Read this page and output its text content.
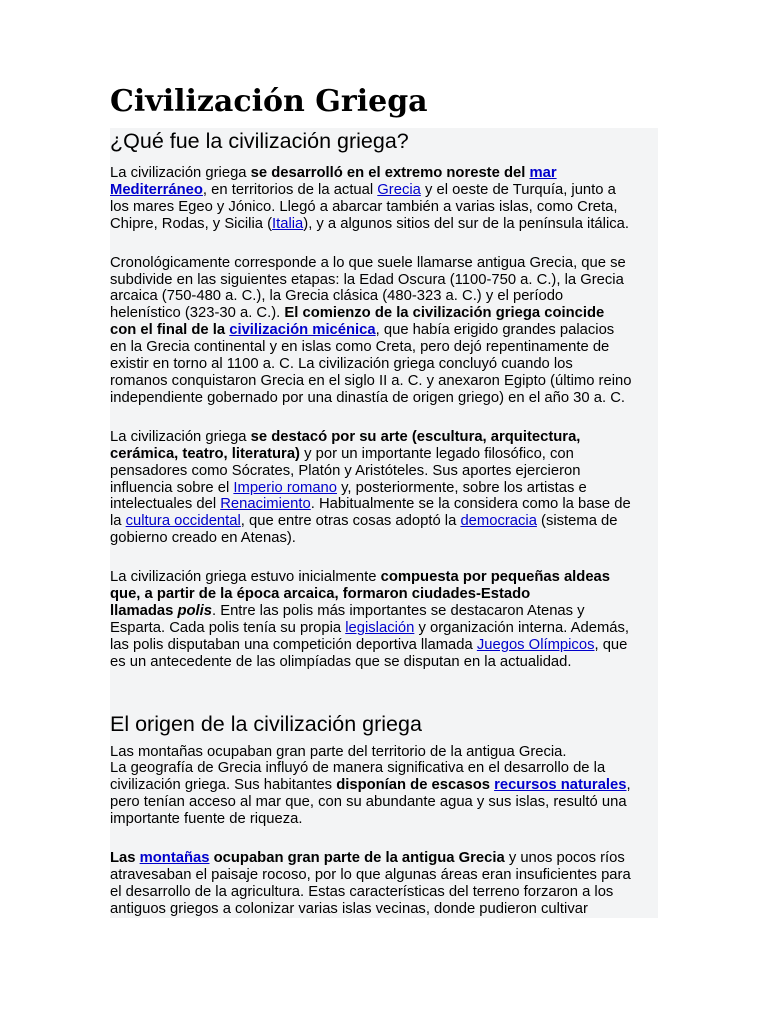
Civilización Griega
¿Qué fue la civilización griega?

La civilización griega se desarrolló en el extremo noreste del mar
Mediterráneo, en territorios de la actual Grecia y el oeste de Turquía, junto a
los mares Egeo y Jónico. Llegó a abarcar también a varias islas, como Creta,
Chipre, Rodas, y Sicilia (Italia), y a algunos sitios del sur de la península itálica.

Cronológicamente corresponde a lo que suele llamarse antigua Grecia, que se
subdivide en las siguientes etapas: la Edad Oscura (1100-750 a. C.), la Grecia
arcaica (750-480 a. C.), la Grecia clásica (480-323 a. C.) y el período
helenístico (323-30 a. C.). El comienzo de la civilización griega coincide
con el final de la civilización micénica, que había erigido grandes palacios
en la Grecia continental y en islas como Creta, pero dejó repentinamente de
existir en torno al 1100 a. C. La civilización griega concluyó cuando los
romanos conquistaron Grecia en el siglo II a. C. y anexaron Egipto (último reino
independiente gobernado por una dinastía de origen griego) en el año 30 a. C.

La civilización griega se destacó por su arte (escultura, arquitectura,
cerámica, teatro, literatura) y por un importante legado filosófico, con
pensadores como Sócrates, Platón y Aristóteles. Sus aportes ejercieron
influencia sobre el Imperio romano y, posteriormente, sobre los artistas e
intelectuales del Renacimiento. Habitualmente se la considera como la base de
la cultura occidental, que entre otras cosas adoptó la democracia (sistema de
gobierno creado en Atenas).

La civilización griega estuvo inicialmente compuesta por pequeñas aldeas
que, a partir de la época arcaica, formaron ciudades-Estado
llamadas polis. Entre las polis más importantes se destacaron Atenas y
Esparta. Cada polis tenía su propia legislación y organización interna. Además,
las polis disputaban una competición deportiva llamada Juegos Olímpicos, que
es un antecedente de las olimpíadas que se disputan en la actualidad.

El origen de la civilización griega

Las montañas ocupaban gran parte del territorio de la antigua Grecia.
La geografía de Grecia influyó de manera significativa en el desarrollo de la
civilización griega. Sus habitantes disponían de escasos recursos naturales,
pero tenían acceso al mar que, con su abundante agua y sus islas, resultó una
importante fuente de riqueza.

Las montañas ocupaban gran parte de la antigua Grecia y unos pocos ríos
atravesaban el paisaje rocoso, por lo que algunas áreas eran insuficientes para
el desarrollo de la agricultura. Estas características del terreno forzaron a los
antiguos griegos a colonizar varias islas vecinas, donde pudieron cultivar
